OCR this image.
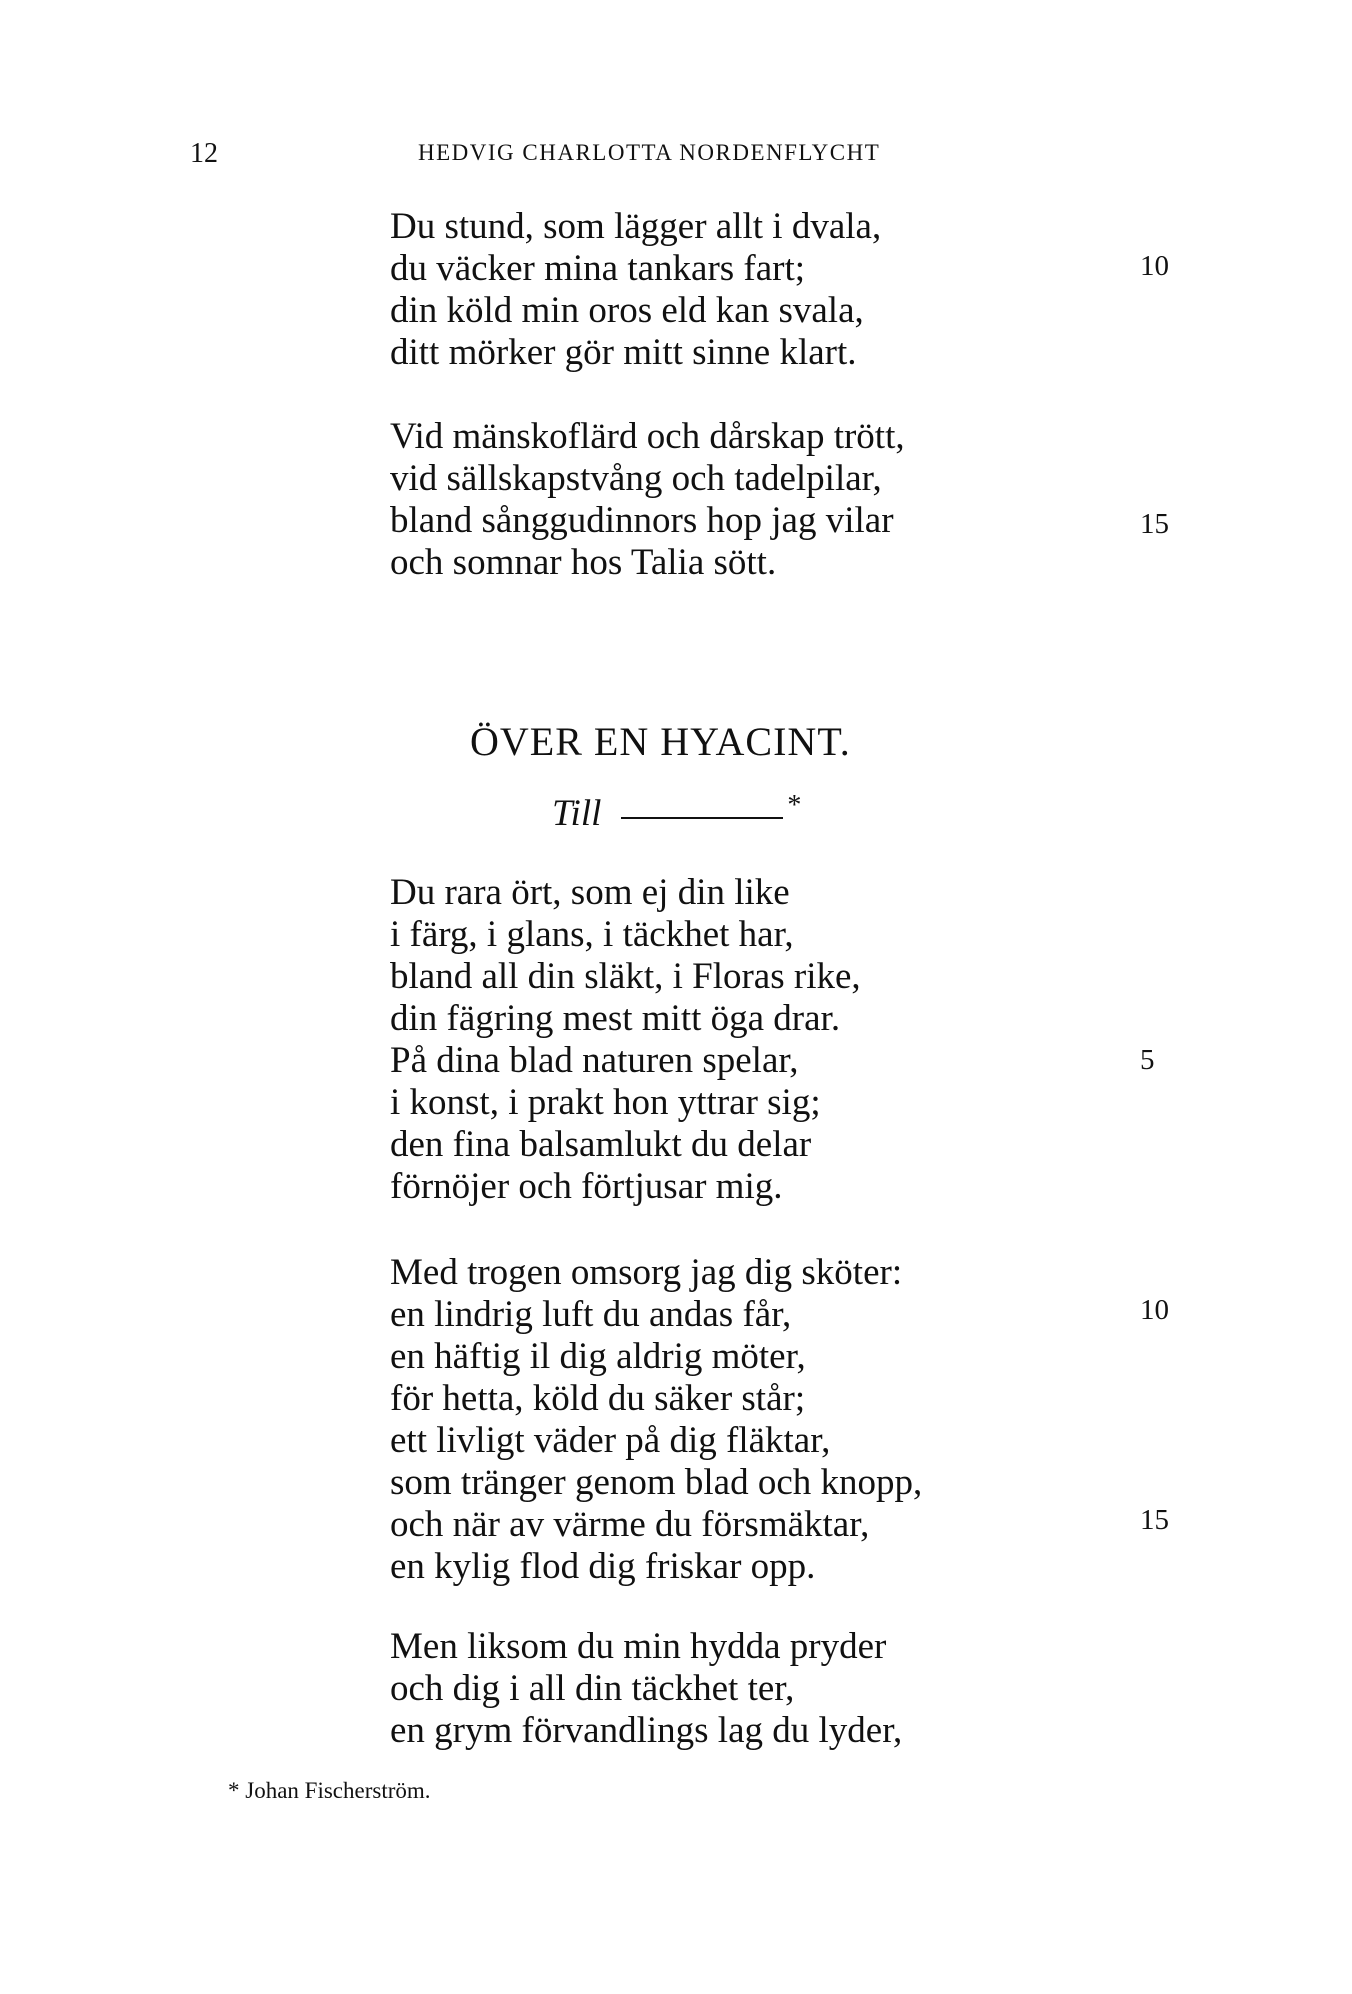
12	HEDVIG CHARLOTTA NORDENFLYCHT
Du stund, som lägger allt i dvala,
du väcker mina tankars fart;
din köld min oros eld kan svala,
ditt mörker gör mitt sinne klart.
10
Vid mänskoflärd och dårskap trött,
vid sällskapstvång och tadelpilar,
bland sånggudinnors hop jag vilar
och somnar hos Talia sött.
15
ÖVER EN HYACINT.
Till	*
Du rara ört, som ej din like
i färg, i glans, i täckhet har,
bland all din släkt, i Floras rike,
din fägring mest mitt öga drar.
På dina blad naturen spelar,
i konst, i prakt hon yttrar sig;
den fina balsamlukt du delar
förnöjer och förtjusar mig.
5
Med trogen omsorg jag dig sköter:
en lindrig luft du andas får,
en häftig il dig aldrig möter,
för hetta, köld du säker står;
ett livligt väder på dig fläktar,
som tränger genom blad och knopp,
och när av värme du försmäktar,
en kylig flod dig friskar opp.
10
15
Men liksom du min hydda pryder
och dig i all din täckhet ter,
en grym förvandlings lag du lyder,
* Johan Fischerström.
